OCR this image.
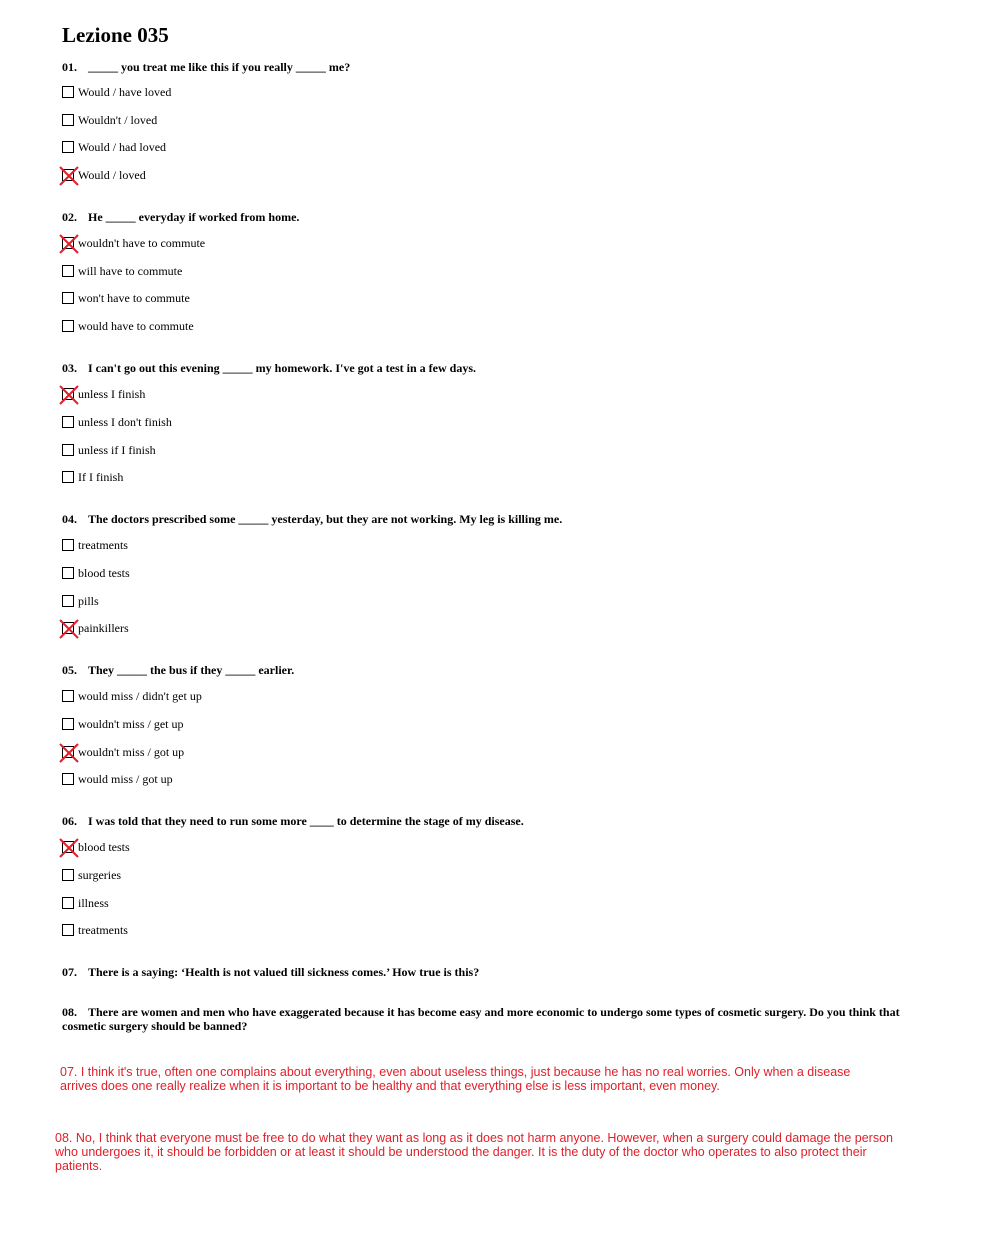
Lezione 035
01. _____ you treat me like this if you really _____ me?
Would / have loved
Wouldn't / loved
Would / had loved
Would / loved
02. He _____ everyday if worked from home.
wouldn't have to commute
will have to commute
won't have to commute
would have to commute
03. I can't go out this evening _____ my homework. I've got a test in a few days.
unless I finish
unless I don't finish
unless if I finish
If I finish
04. The doctors prescribed some _____ yesterday, but they are not working. My leg is killing me.
treatments
blood tests
pills
painkillers
05. They _____ the bus if they _____ earlier.
would miss / didn't get up
wouldn't miss / get up
wouldn't miss / got up
would miss / got up
06. I was told that they need to run some more ____ to determine the stage of my disease.
blood tests
surgeries
illness
treatments
07. There is a saying: ‘Health is not valued till sickness comes.’ How true is this?
08. There are women and men who have exaggerated because it has become easy and more economic to undergo some types of cosmetic surgery. Do you think that cosmetic surgery should be banned?
07. I think it's true, often one complains about everything, even about useless things, just because he has no real worries. Only when a disease arrives does one really realize when it is important to be healthy and that everything else is less important, even money.
08. No, I think that everyone must be free to do what they want as long as it does not harm anyone. However, when a surgery could damage the person who undergoes it, it should be forbidden or at least it should be understood the danger. It is the duty of the doctor who operates to also protect their patients.
